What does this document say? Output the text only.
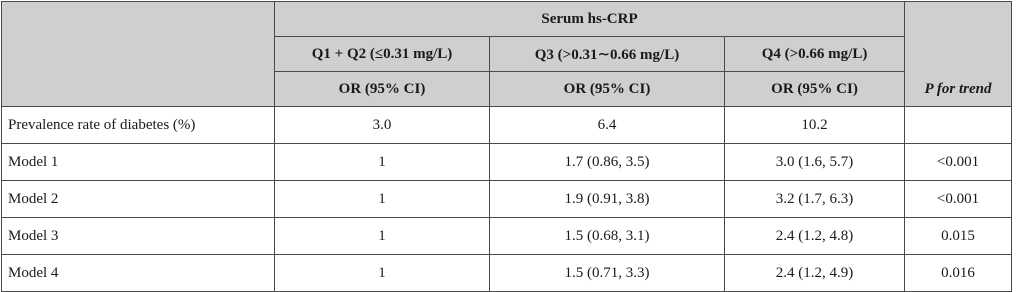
	Serum hs-CRP			P for trend
	Q1 + Q2 (≤0.31 mg/L)	Q3 (>0.31∼0.66 mg/L)	Q4 (>0.66 mg/L)	
	OR (95% CI)	OR (95% CI)	OR (95% CI)	
Prevalence rate of diabetes (%)	3.0	6.4	10.2	
Model 1	1	1.7 (0.86, 3.5)	3.0 (1.6, 5.7)	<0.001
Model 2	1	1.9 (0.91, 3.8)	3.2 (1.7, 6.3)	<0.001
Model 3	1	1.5 (0.68, 3.1)	2.4 (1.2, 4.8)	0.015
Model 4	1	1.5 (0.71, 3.3)	2.4 (1.2, 4.9)	0.016
